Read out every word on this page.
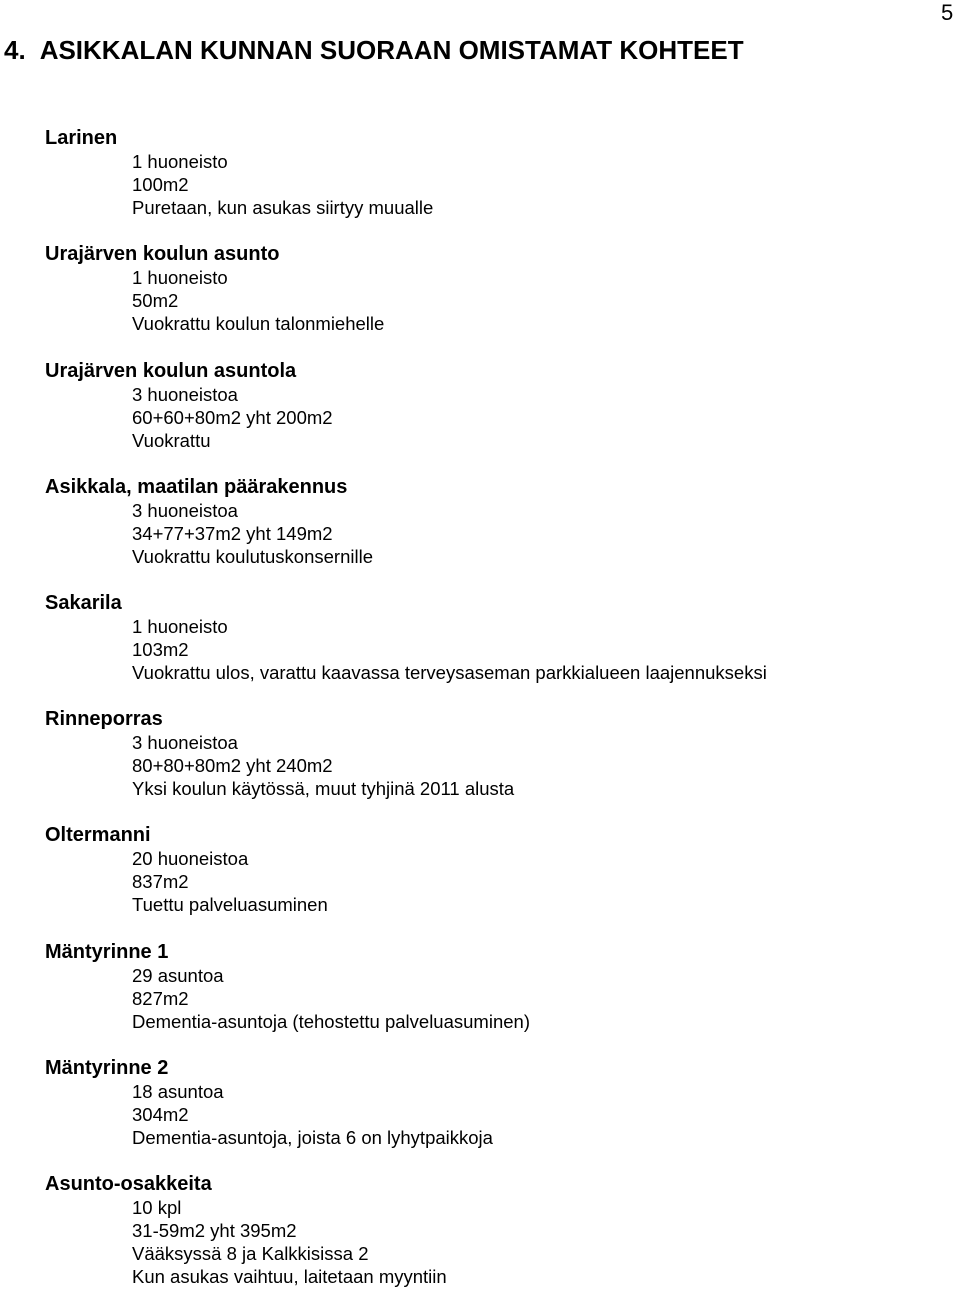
5
4. ASIKKALAN KUNNAN SUORAAN OMISTAMAT KOHTEET
Larinen
1 huoneisto
100m2
Puretaan, kun asukas siirtyy muualle
Urajärven koulun asunto
1 huoneisto
50m2
Vuokrattu koulun talonmiehelle
Urajärven koulun asuntola
3 huoneistoa
60+60+80m2 yht 200m2
Vuokrattu
Asikkala, maatilan päärakennus
3 huoneistoa
34+77+37m2 yht 149m2
Vuokrattu koulutuskonsernille
Sakarila
1 huoneisto
103m2
Vuokrattu ulos, varattu kaavassa terveysaseman parkkialueen laajennukseksi
Rinneporras
3 huoneistoa
80+80+80m2 yht 240m2
Yksi koulun käytössä, muut tyhjinä 2011 alusta
Oltermanni
20 huoneistoa
837m2
Tuettu palveluasuminen
Mäntyrinne 1
29 asuntoa
827m2
Dementia-asuntoja (tehostettu palveluasuminen)
Mäntyrinne 2
18 asuntoa
304m2
Dementia-asuntoja, joista 6 on lyhytpaikkoja
Asunto-osakkeita
10 kpl
31-59m2 yht 395m2
Vääksyssä 8 ja Kalkkisissa 2
Kun asukas vaihtuu, laitetaan myyntiin
